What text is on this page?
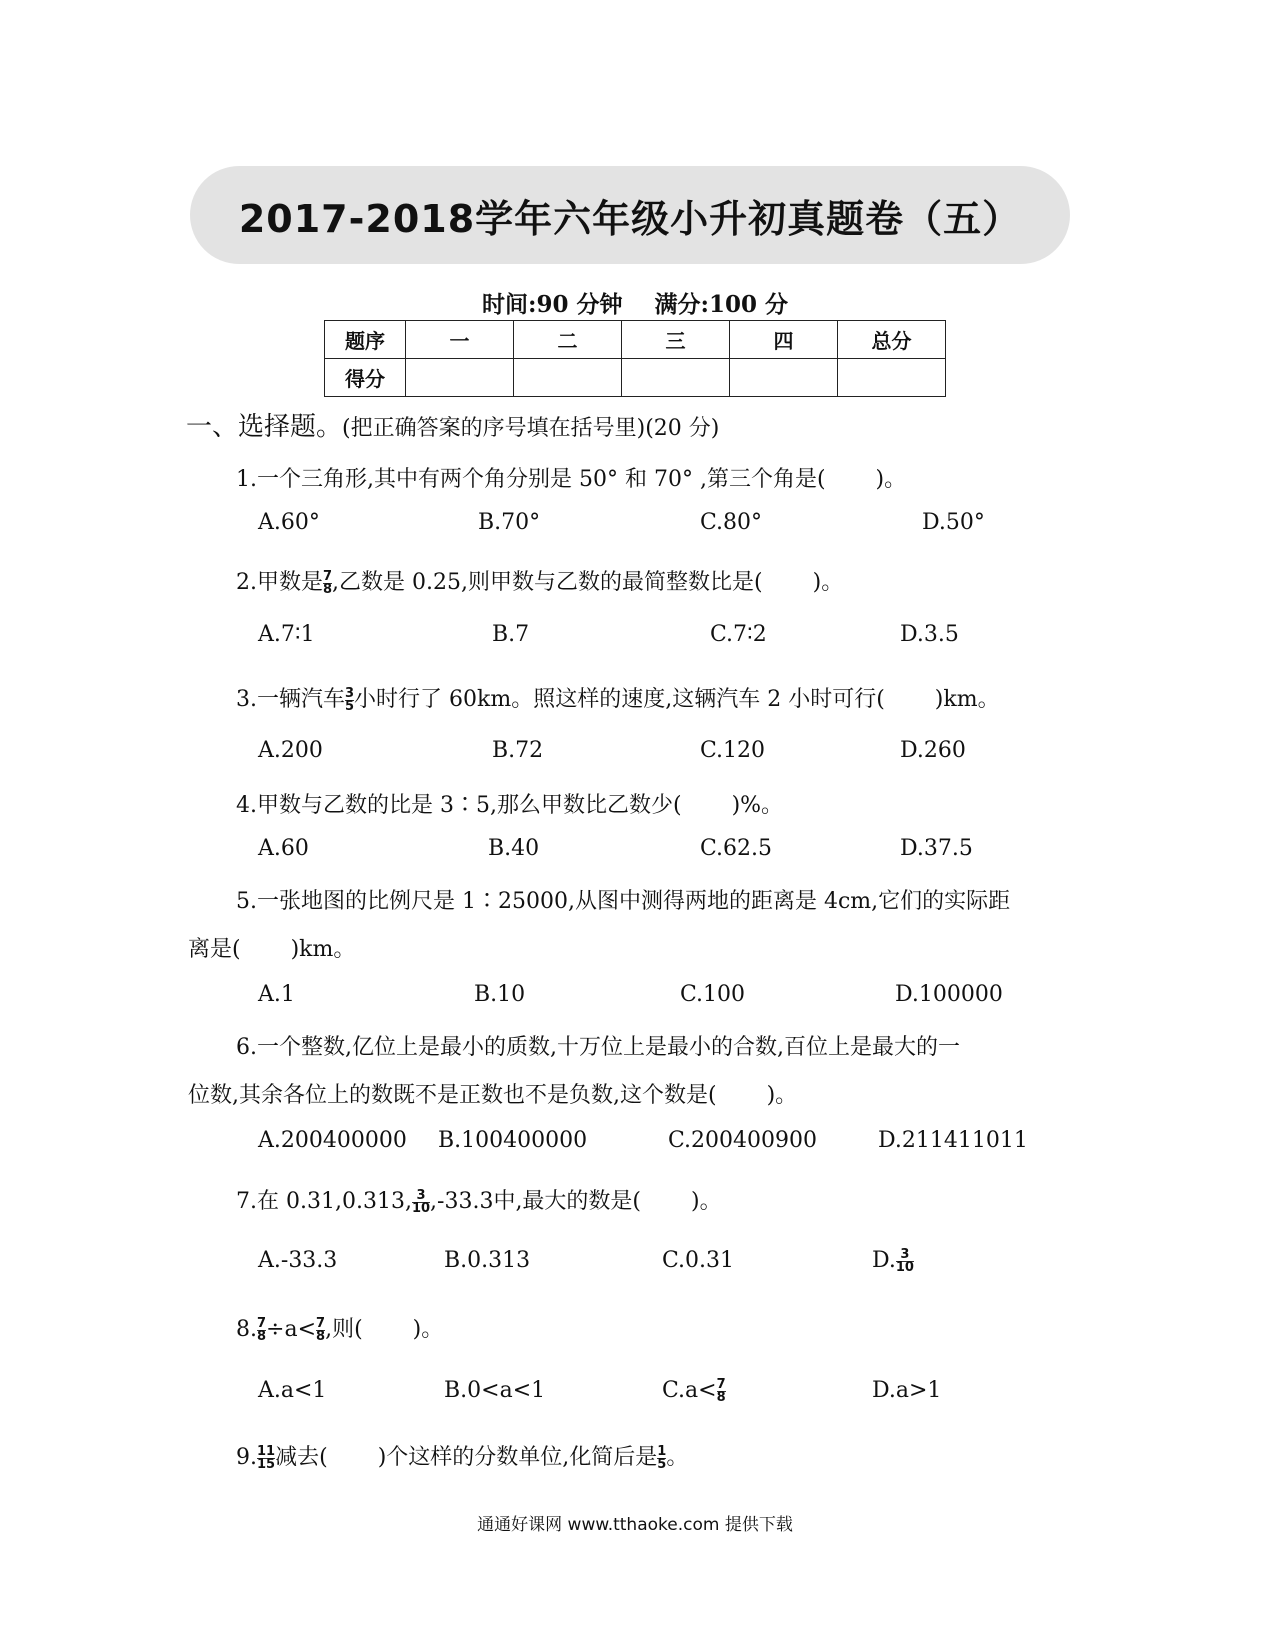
2017-2018学年六年级小升初真题卷（五）
时间:90 分钟 满分:100 分
题序	一	二	三	四	总分
得分					
一、选择题。(把正确答案的序号填在括号里)(20 分)
1.一个三角形,其中有两个角分别是 50° 和 70° ,第三个角是( )。
A.60°	B.70°	C.80°	D.50°
2.甲数是$\frac{7}{8}$ ,乙数是 0.25,则甲数与乙数的最简整数比是( )。
A.7∶1	B.7	C.7∶2	D.3.5
3.一辆汽车$\frac{3}{5}$ 小时行了 60km。照这样的速度,这辆汽车 2 小时可行( )km。
A.200	B.72	C.120	D.260
4.甲数与乙数的比是 3∶5,那么甲数比乙数少( )%。
A.60	B.40	C.62.5	D.37.5
5.一张地图的比例尺是 1∶25000,从图中测得两地的距离是 4cm,它们的实际距
离是( )km。
A.1	B.10	C.100	D.100000
6.一个整数,亿位上是最小的质数,十万位上是最小的合数,百位上是最大的一
位数,其余各位上的数既不是正数也不是负数,这个数是( )。
A.200400000 B.100400000	C.200400900	D.211411011
7.在 $0.31,0.313,\frac{3}{10} ,-33.3$中,最大的数是( )。
A.-33.3	B.0.313	C.0.31	$D.\frac{3}{10}$
$8.\frac{7}{8} \div a<\frac{7}{8}$ ,则( )。
A.a<1	B.0<a<1	$C.a<\frac{7}{8}$	D.a>1
$9.\frac{11}{15}$ 减去( )个这样的分数单位,化简后是$\frac{1}{5}$ 。
通通好课网 www.tthaoke.com 提供下载
